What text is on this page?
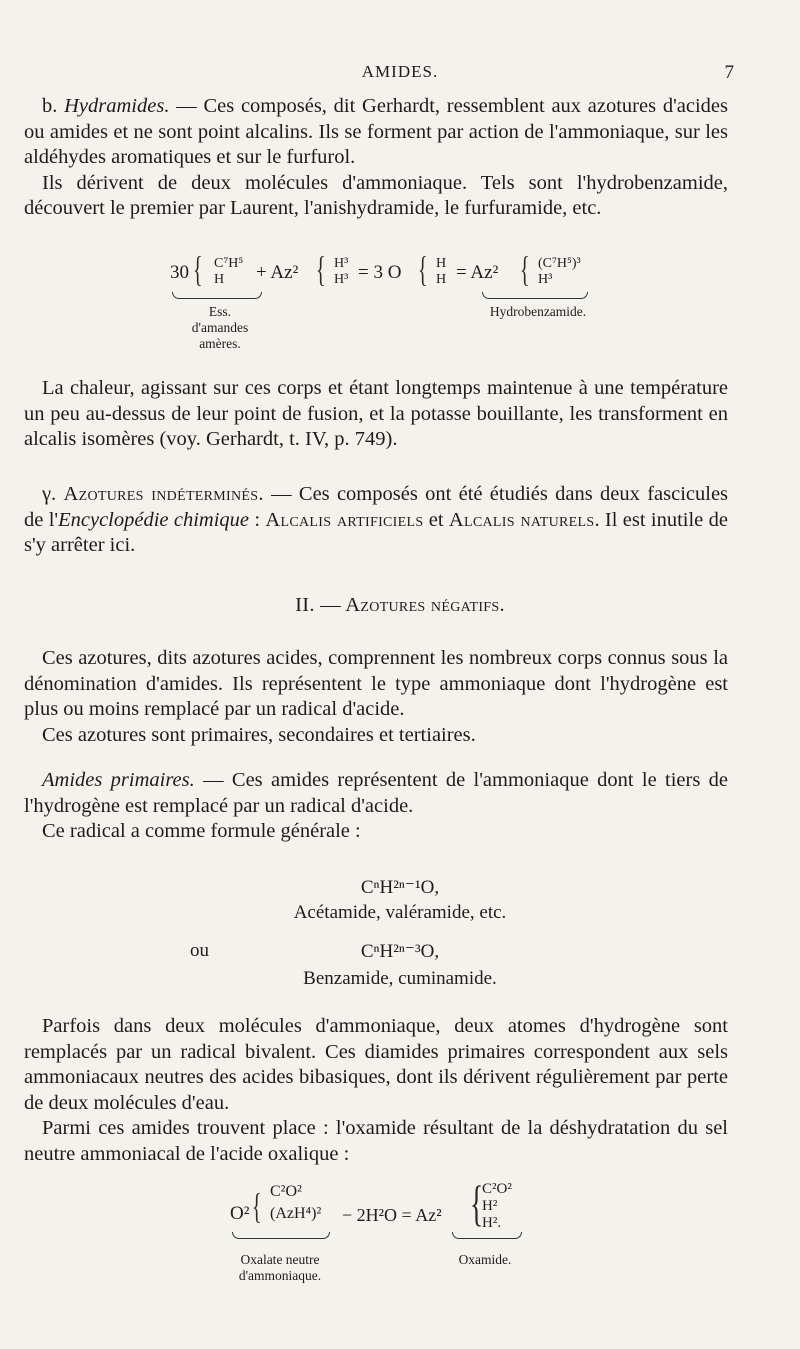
AMIDES.	7

b. Hydramides. — Ces composés, dit Gerhardt, ressemblent aux azotures d'acides ou amides et ne sont point alcalins. Ils se forment par action de l'ammoniaque, sur les aldéhydes aromatiques et sur le furfurol.

Ils dérivent de deux molécules d'ammoniaque. Tels sont l'hydrobenzamide, découvert le premier par Laurent, l'anishydramide, le furfuramide, etc.

30 { C⁷H⁵
H	+ Az² { H³
H³ = 3 O { H
H = Az² { (C⁷H⁵)³
H³
Ess.
d'amandes
amères.
Hydrobenzamide.

La chaleur, agissant sur ces corps et étant longtemps maintenue à une température un peu au-dessus de leur point de fusion, et la potasse bouillante, les transforment en alcalis isomères (voy. Gerhardt, t. IV, p. 749).

γ. Azotures indéterminés. — Ces composés ont été étudiés dans deux fascicules de l'Encyclopédie chimique : Alcalis artificiels et Alcalis naturels. Il est inutile de s'y arrêter ici.

II. — Azotures négatifs.

Ces azotures, dits azotures acides, comprennent les nombreux corps connus sous la dénomination d'amides. Ils représentent le type ammoniaque dont l'hydrogène est plus ou moins remplacé par un radical d'acide.

Ces azotures sont primaires, secondaires et tertiaires.

Amides primaires. — Ces amides représentent de l'ammoniaque dont le tiers de l'hydrogène est remplacé par un radical d'acide.

Ce radical a comme formule générale :

CⁿH²ⁿ⁻¹O,
Acétamide, valéramide, etc.
ou	CⁿH²ⁿ⁻³O,
Benzamide, cuminamide.

Parfois dans deux molécules d'ammoniaque, deux atomes d'hydrogène sont remplacés par un radical bivalent. Ces diamides primaires correspondent aux sels ammoniacaux neutres des acides bibasiques, dont ils dérivent régulièrement par perte de deux molécules d'eau.

Parmi ces amides trouvent place : l'oxamide résultant de la déshydratation du sel neutre ammoniacal de l'acide oxalique :

O² { C²O²
(AzH⁴)² − 2H²O = Az² {
C²O²
H²
H².
Oxalate neutre
d'ammoniaque.
Oxamide.
